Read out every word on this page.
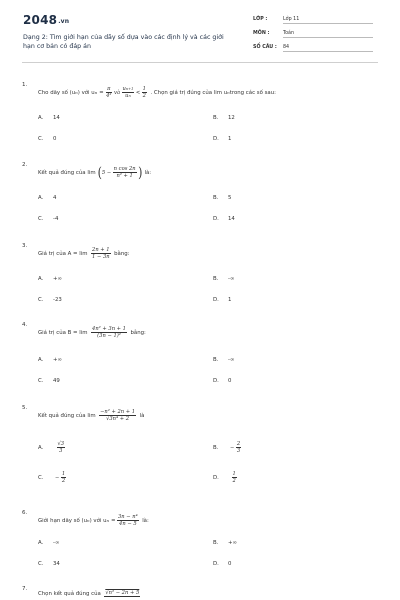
2048.vn
Dạng 2: Tìm giới hạn của dãy số dựa vào các định lý và các giới hạn cơ bản có đáp án
LỚP :	Lớp 11
MÔN :	Toán
SỐ CÂU : 84
1.
Cho dãy số (u n ) với u $n = \frac{\pi}{\text{4²}}$ và $\frac{un+1}{un} < \frac{1}{2}$ . Chọn giá trị đúng của lim u n trong các số sau:
A.	14	B.	12
C.	0	D.	1
2.
Kết quả đúng của lim ( $5 - \frac{\text{n cos 2n}}{\text{n² + 1}}$ ) là:
A.	4	B.	5
C.	-4	D.	14
3.
Giá trị của $A = \lim \frac{2n + 1}{1 - 3n}$ bằng:
A.	+∞	B.	-∞
C.	-23	D.	1
4.
Giá trị của $B = \lim \frac{\text{4n² + 3n + 1}}{\text{(3n − 1)²}}$ bằng:
A.	+∞	B.	-∞
C.	49	D.	0
5.
Kết quả đúng của $\lim \frac{\text{−n² + 2n + 1}}{\text{√3n⁴ + 2}}$ là
A.	$\frac{√3}{3}$	B.	− $\frac{2}{3}$
C.	− $\frac{1}{2}$	D.	$\frac{1}{2}$
6.
Giới hạn dãy số (u n ) với u $n = \frac{\text{3n − n⁴}}{4n - 5}$ là:
A.	-∞	B.	+∞
C.	34	D.	0
7.
Chọn kết quả đúng của √n² − 2n + 5
